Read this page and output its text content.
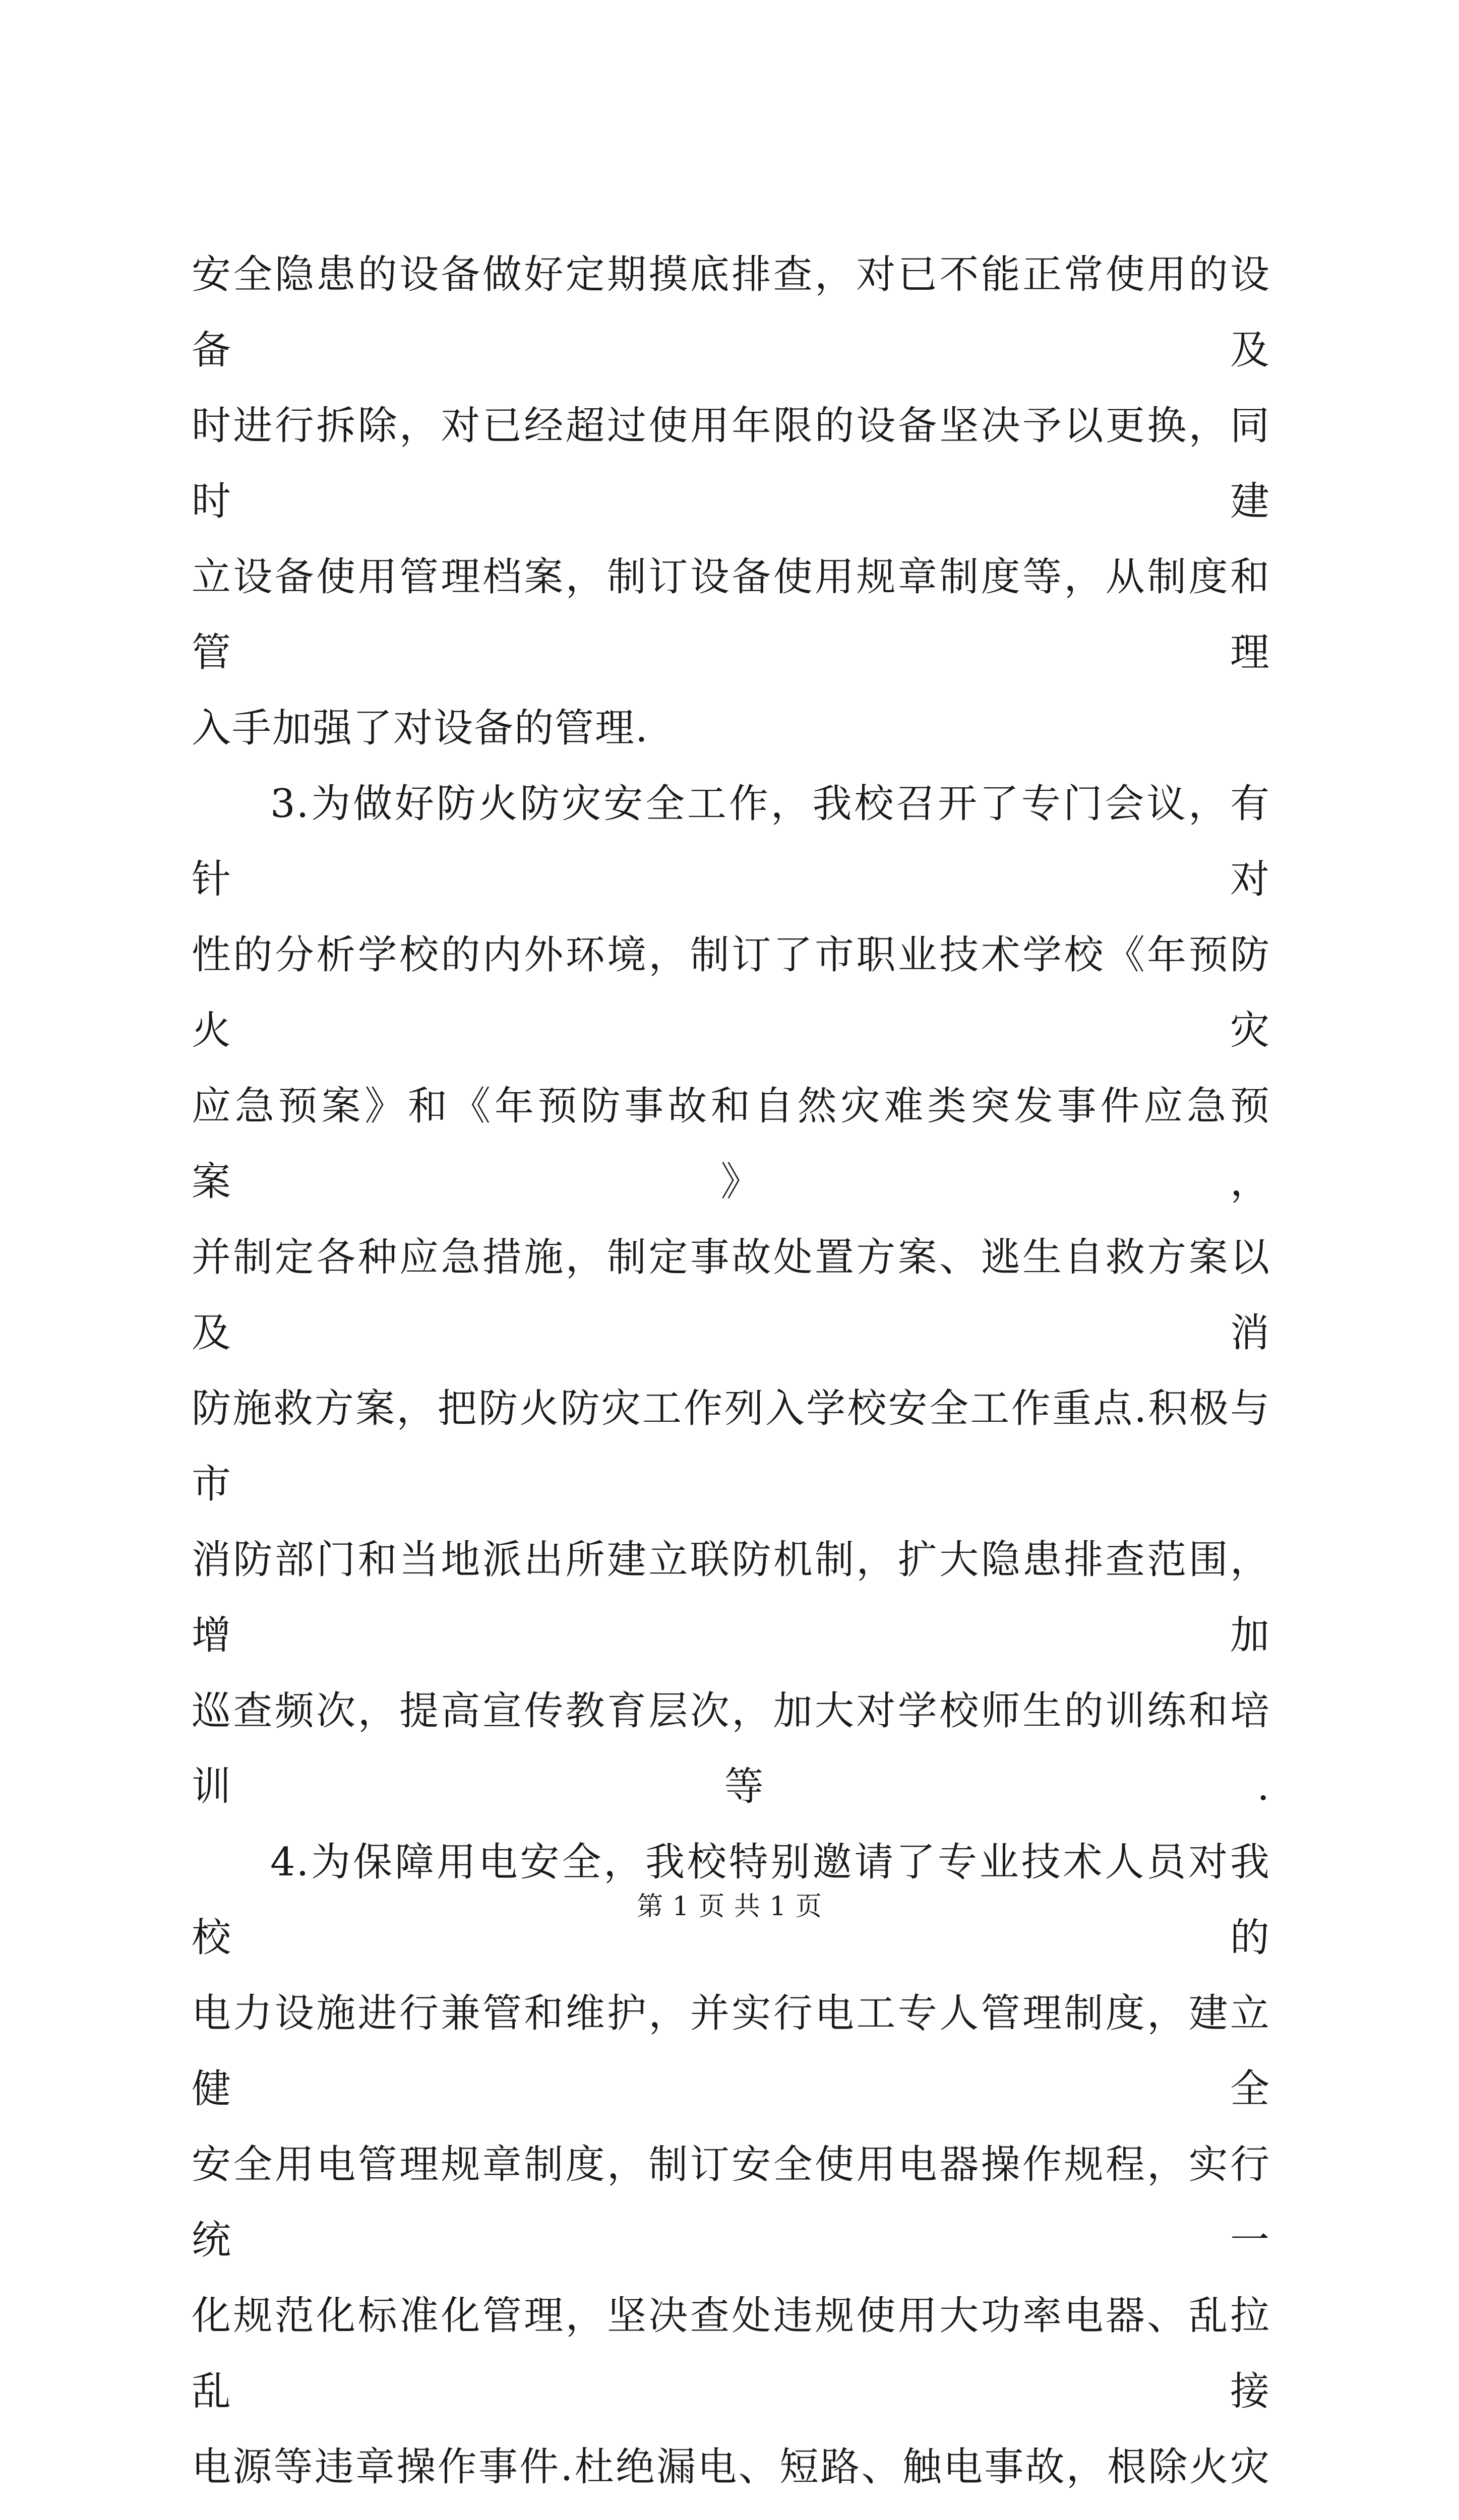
安全隐患的设备做好定期摸底排查，对已不能正常使用的设备及
时进行拆除，对已经超过使用年限的设备坚决予以更换，同时建
立设备使用管理档案，制订设备使用规章制度等，从制度和管理
入手加强了对设备的管理.
3.为做好防火防灾安全工作，我校召开了专门会议，有针对
性的分析学校的内外环境，制订了市职业技术学校《年预防火灾
应急预案》和《年预防事故和自然灾难类突发事件应急预案》，
并制定各种应急措施，制定事故处置方案、逃生自救方案以及消
防施救方案，把防火防灾工作列入学校安全工作重点.积极与市
消防部门和当地派出所建立联防机制，扩大隐患排查范围，增加
巡查频次，提高宣传教育层次，加大对学校师生的训练和培训等.
4.为保障用电安全，我校特别邀请了专业技术人员对我校的
电力设施进行兼管和维护，并实行电工专人管理制度，建立健全
安全用电管理规章制度，制订安全使用电器操作规程，实行统一
化规范化标准化管理，坚决查处违规使用大功率电器、乱拉乱接
电源等违章操作事件.杜绝漏电、短路、触电事故，根除火灾
第 1 页 共 1 页
